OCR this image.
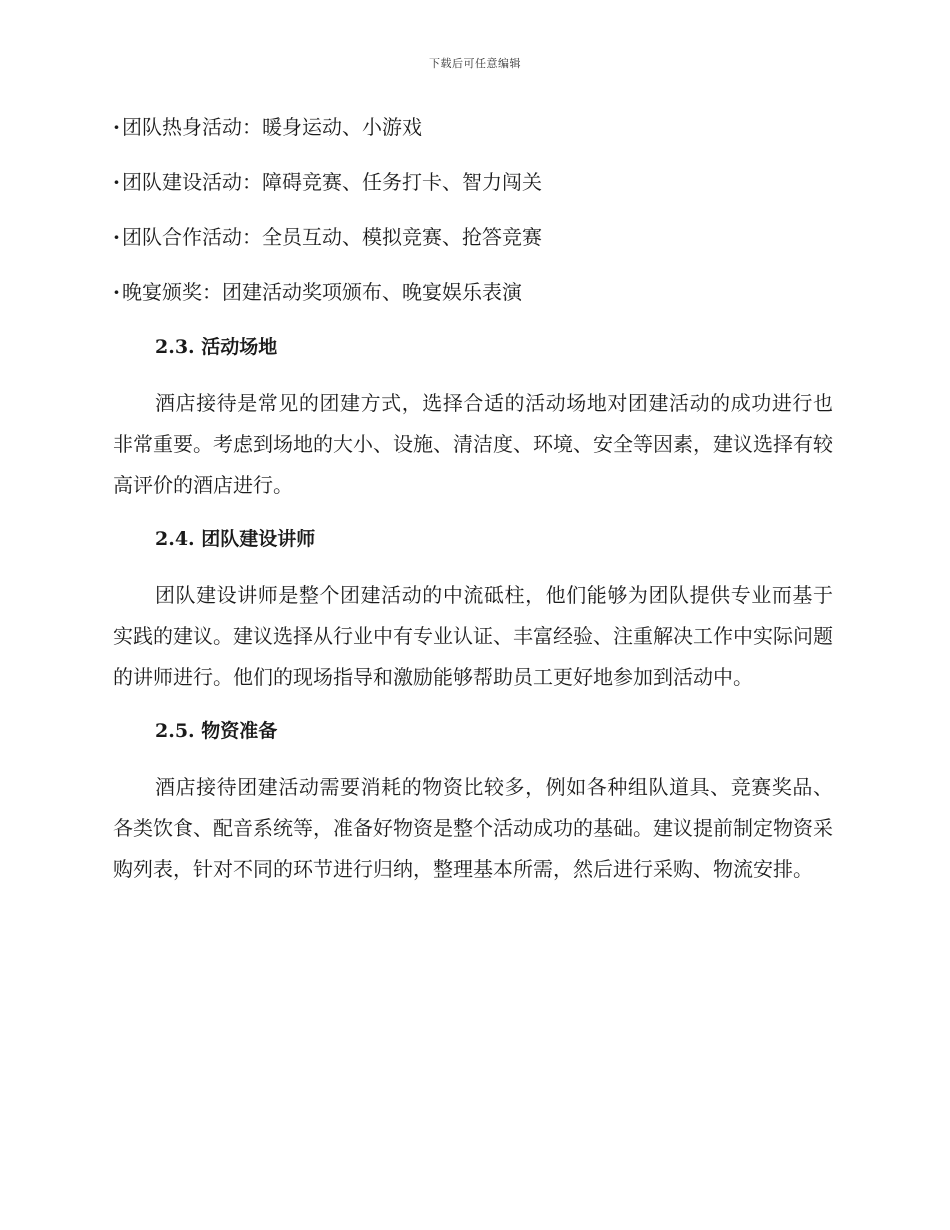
下载后可任意编辑
· 团队热身活动：暖身运动、小游戏
· 团队建设活动：障碍竞赛、任务打卡、智力闯关
· 团队合作活动：全员互动、模拟竞赛、抢答竞赛
· 晚宴颁奖：团建活动奖项颁布、晚宴娱乐表演
2.3. 活动场地

酒店接待是常见的团建方式，选择合适的活动场地对团建活动的成功进行也非常重要。考虑到场地的大小、设施、清洁度、环境、安全等因素，建议选择有较高评价的酒店进行。

2.4. 团队建设讲师

团队建设讲师是整个团建活动的中流砥柱，他们能够为团队提供专业而基于实践的建议。建议选择从行业中有专业认证、丰富经验、注重解决工作中实际问题的讲师进行。他们的现场指导和激励能够帮助员工更好地参加到活动中。

2.5. 物资准备

酒店接待团建活动需要消耗的物资比较多，例如各种组队道具、竞赛奖品、各类饮食、配音系统等，准备好物资是整个活动成功的基础。建议提前制定物资采购列表，针对不同的环节进行归纳，整理基本所需，然后进行采购、物流安排。
